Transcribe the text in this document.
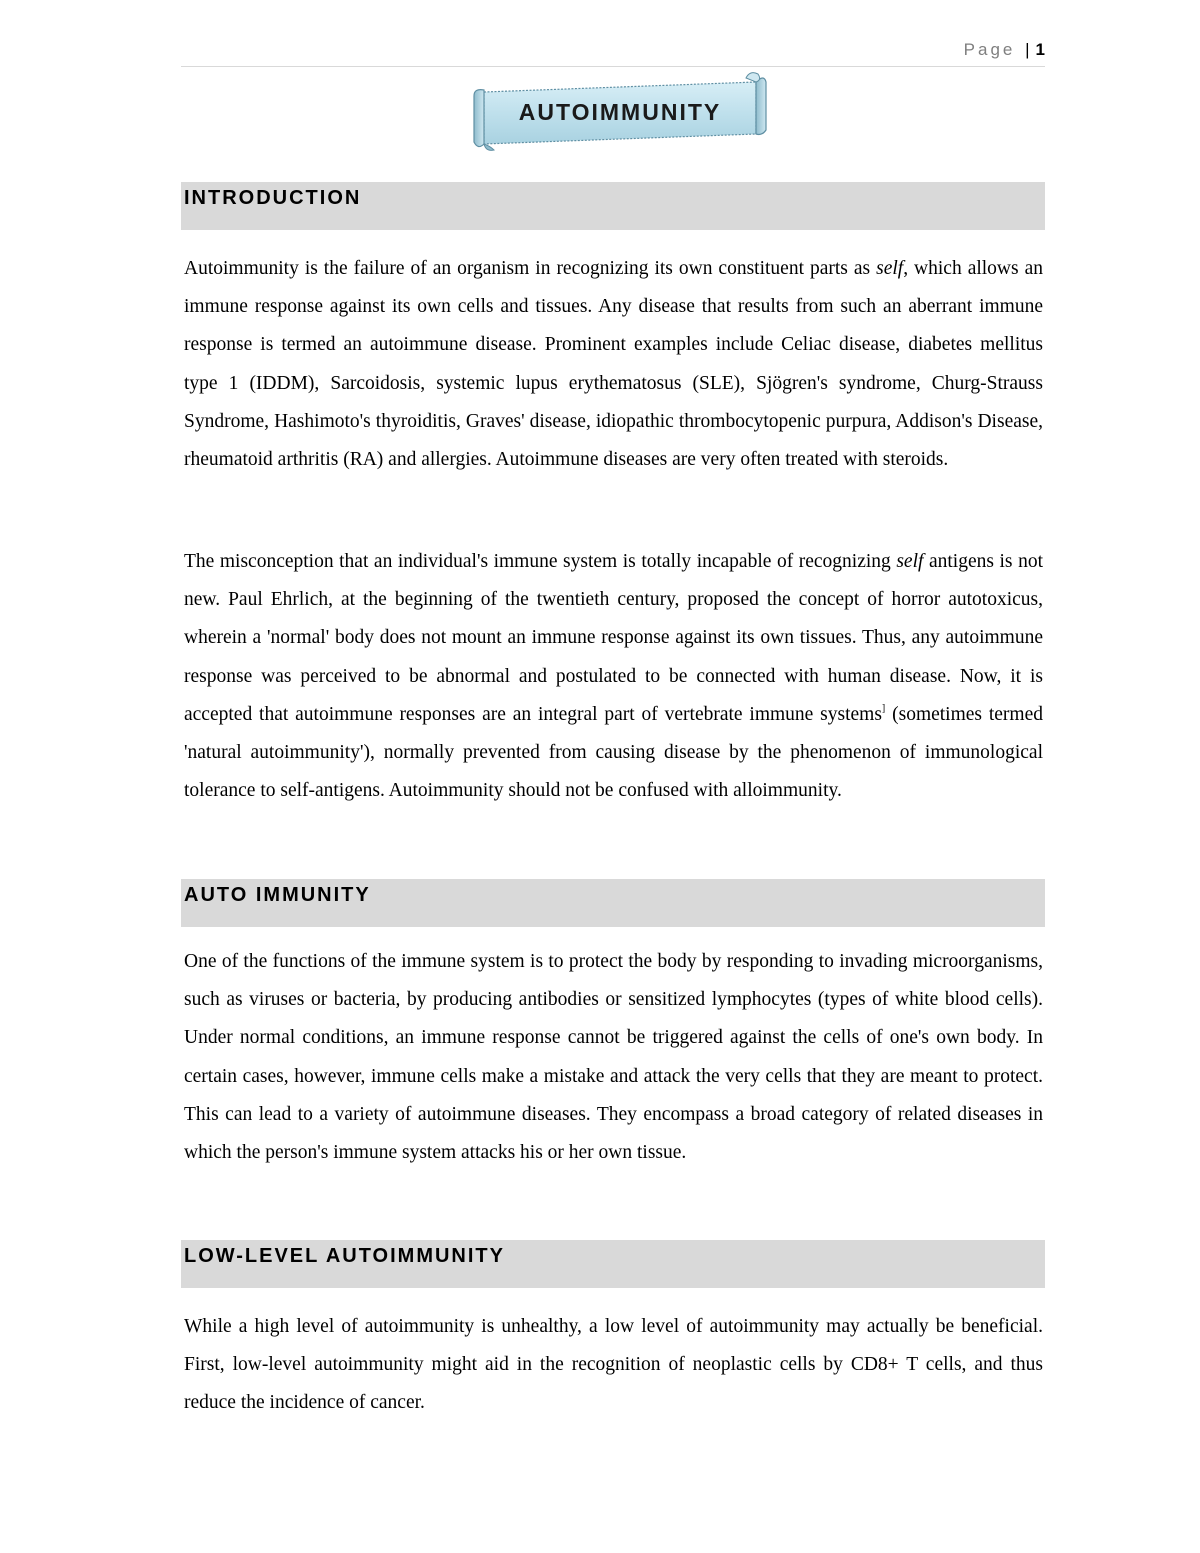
Page | 1
AUTOIMMUNITY
INTRODUCTION

Autoimmunity is the failure of an organism in recognizing its own constituent parts as self, which allows an immune response against its own cells and tissues. Any disease that results from such an aberrant immune response is termed an autoimmune disease. Prominent examples include Celiac disease, diabetes mellitus type 1 (IDDM), Sarcoidosis, systemic lupus erythematosus (SLE), Sjögren's syndrome, Churg-Strauss Syndrome, Hashimoto's thyroiditis, Graves' disease, idiopathic thrombocytopenic purpura, Addison's Disease, rheumatoid arthritis (RA) and allergies. Autoimmune diseases are very often treated with steroids.

The misconception that an individual's immune system is totally incapable of recognizing self antigens is not new. Paul Ehrlich, at the beginning of the twentieth century, proposed the concept of horror autotoxicus, wherein a 'normal' body does not mount an immune response against its own tissues. Thus, any autoimmune response was perceived to be abnormal and postulated to be connected with human disease. Now, it is accepted that autoimmune responses are an integral part of vertebrate immune systems] (sometimes termed 'natural autoimmunity'), normally prevented from causing disease by the phenomenon of immunological tolerance to self-antigens. Autoimmunity should not be confused with alloimmunity.

AUTO IMMUNITY

One of the functions of the immune system is to protect the body by responding to invading microorganisms, such as viruses or bacteria, by producing antibodies or sensitized lymphocytes (types of white blood cells). Under normal conditions, an immune response cannot be triggered against the cells of one's own body. In certain cases, however, immune cells make a mistake and attack the very cells that they are meant to protect. This can lead to a variety of autoimmune diseases. They encompass a broad category of related diseases in which the person's immune system attacks his or her own tissue.

LOW-LEVEL AUTOIMMUNITY

While a high level of autoimmunity is unhealthy, a low level of autoimmunity may actually be beneficial. First, low-level autoimmunity might aid in the recognition of neoplastic cells by CD8+ T cells, and thus reduce the incidence of cancer.
